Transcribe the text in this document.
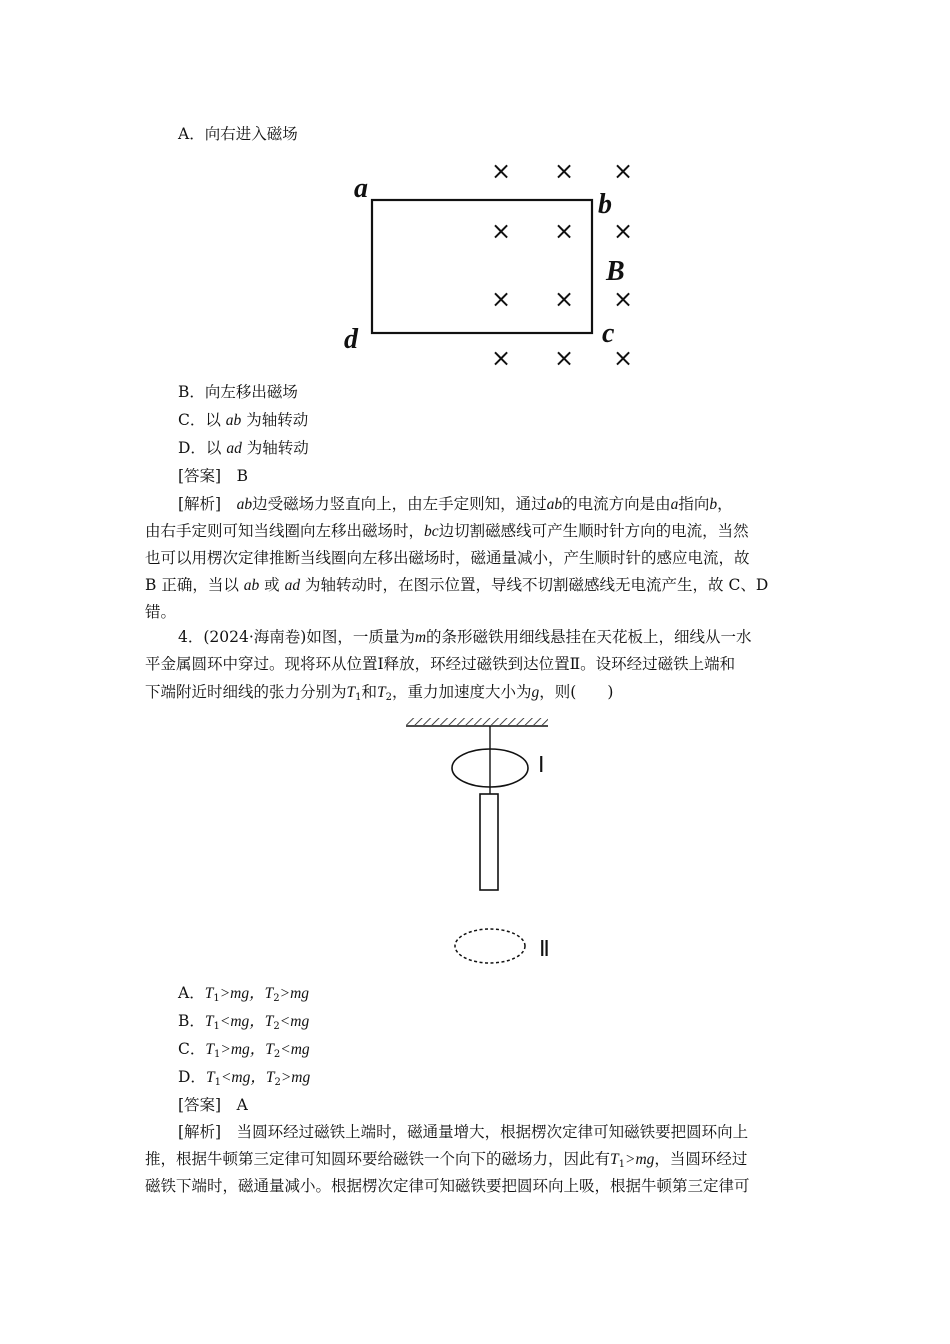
A．向右进入磁场
× × ×
× × ×
× × ×
× × ×
a
b
c
d
B
B．向左移出磁场
C．以 ab 为轴转动
D．以 ad 为轴转动
[答案]　 B
[解析]　 ab边受磁场力竖直向上，由左手定则知，通过ab的电流方向是由a指向b，
由右手定则可知当线圈向左移出磁场时，bc边切割磁感线可产生顺时针方向的电流，当然
也可以用楞次定律推断当线圈向左移出磁场时，磁通量减小，产生顺时针的感应电流，故
B 正确，当以 ab 或 ad 为轴转动时，在图示位置，导线不切割磁感线无电流产生，故 C、D
错。
4．(2024·海南卷)如图，一质量为m的条形磁铁用细线悬挂在天花板上，细线从一水
平金属圆环中穿过。现将环从位置Ⅰ释放，环经过磁铁到达位置Ⅱ。设环经过磁铁上端和
下端附近时细线的张力分别为$T_1$和$T_2$，重力加速度大小为g，则(　　)
Ⅰ
Ⅱ
A．$T_1>mg$，$T_2>mg$
B．$T_1<mg$，$T_2<mg$
C．$T_1>mg$，$T_2<mg$
D．$T_1<mg$，$T_2>mg$
[答案]　 A
[解析]　 当圆环经过磁铁上端时，磁通量增大，根据楞次定律可知磁铁要把圆环向上
推，根据牛顿第三定律可知圆环要给磁铁一个向下的磁场力，因此有$T_1>mg$，当圆环经过
磁铁下端时，磁通量减小。根据楞次定律可知磁铁要把圆环向上吸，根据牛顿第三定律可
